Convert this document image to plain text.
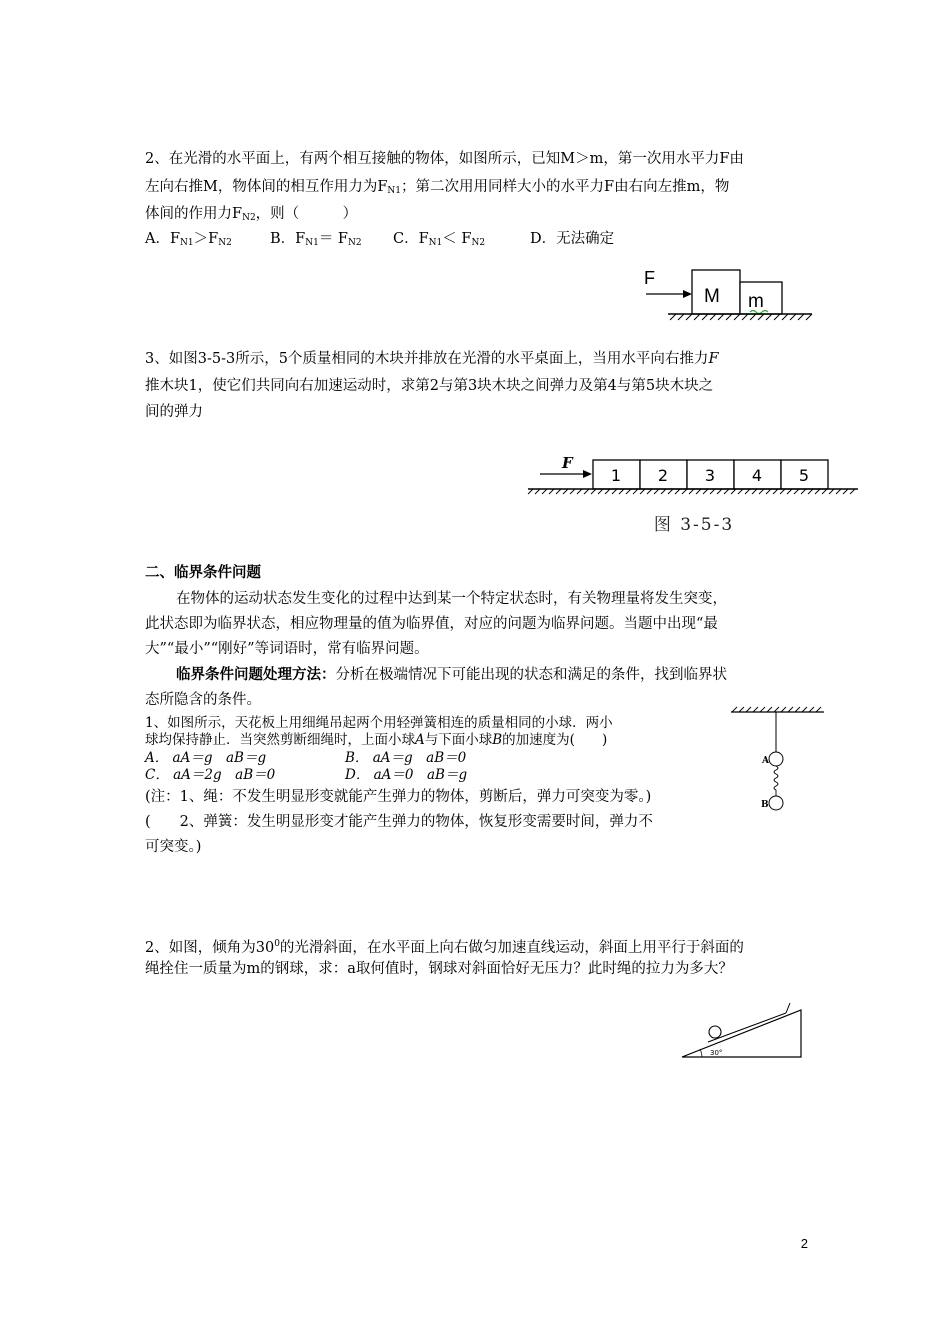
2、在光滑的水平面上，有两个相互接触的物体，如图所示，已知M＞m，第一次用水平力F由
左向右推M，物体间的相互作用力为$F_{N1}$；第二次用用同样大小的水平力F由右向左推m，物
体间的作用力$F_{N2}$，则（　　　）
A．$F_{N1}>F_{N2}$	B．$F_{N1}= F_{N2}$ C．$F_{N1}< F_{N2}$	D．无法确定
F
M m
3、如图3-5-3所示，5个质量相同的木块并排放在光滑的水平桌面上，当用水平向右推力F
推木块1，使它们共同向右加速运动时，求第2与第3块木块之间弹力及第4与第5块木块之
间的弹力
F
1 2 3 4 5
图 3-5-3
二、临界条件问题
在物体的运动状态发生变化的过程中达到某一个特定状态时，有关物理量将发生突变，
此状态即为临界状态，相应物理量的值为临界值，对应的问题为临界问题。当题中出现“最
大”“最小”“刚好”等词语时，常有临界问题。
临界条件问题处理方法：分析在极端情况下可能出现的状态和满足的条件，找到临界状
态所隐含的条件。
1、如图所示，天花板上用细绳吊起两个用轻弹簧相连的质量相同的小球．两小
球均保持静止．当突然剪断细绳时，上面小球A与下面小球B的加速度为(　　)
A． aA＝g　aB＝g	B． aA＝g　aB＝0
C． aA＝2g　aB＝0	D． aA＝0　aB＝g
(注：1、绳：不发生明显形变就能产生弹力的物体，剪断后，弹力可突变为零。)
(　　2、弹簧：发生明显形变才能产生弹力的物体，恢复形变需要时间，弹力不
可突变。)
A
B
2、如图，倾角为$30^0$的光滑斜面，在水平面上向右做匀加速直线运动，斜面上用平行于斜面的
绳拴住一质量为m的钢球，求：a取何值时，钢球对斜面恰好无压力？此时绳的拉力为多大？
30°
2
